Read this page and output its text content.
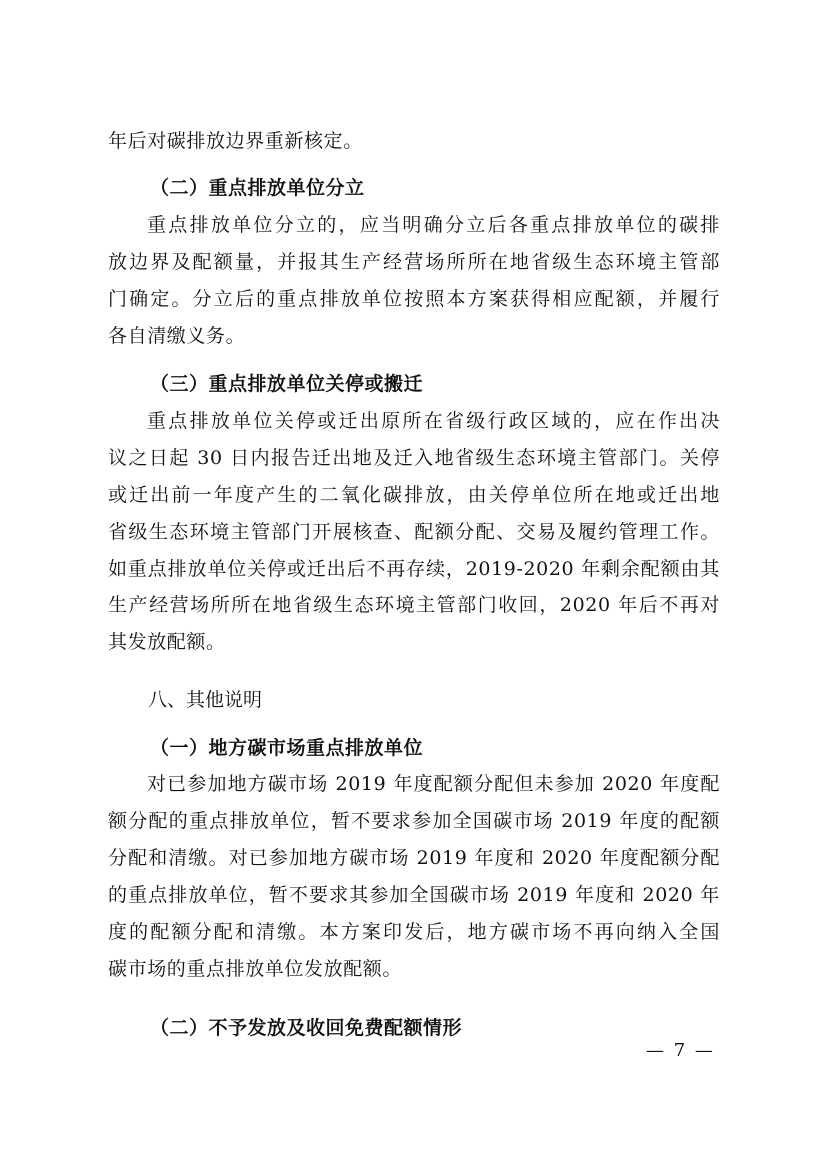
年后对碳排放边界重新核定。
（二）重点排放单位分立
重点排放单位分立的，应当明确分立后各重点排放单位的碳排
放边界及配额量，并报其生产经营场所所在地省级生态环境主管部
门确定。分立后的重点排放单位按照本方案获得相应配额，并履行
各自清缴义务。
（三）重点排放单位关停或搬迁
重点排放单位关停或迁出原所在省级行政区域的，应在作出决
议之日起 30 日内报告迁出地及迁入地省级生态环境主管部门。关停
或迁出前一年度产生的二氧化碳排放，由关停单位所在地或迁出地
省级生态环境主管部门开展核查、配额分配、交易及履约管理工作。
如重点排放单位关停或迁出后不再存续，2019-2020 年剩余配额由其
生产经营场所所在地省级生态环境主管部门收回，2020 年后不再对
其发放配额。
八、其他说明
（一）地方碳市场重点排放单位
对已参加地方碳市场 2019 年度配额分配但未参加 2020 年度配
额分配的重点排放单位，暂不要求参加全国碳市场 2019 年度的配额
分配和清缴。对已参加地方碳市场 2019 年度和 2020 年度配额分配
的重点排放单位，暂不要求其参加全国碳市场 2019 年度和 2020 年
度的配额分配和清缴。本方案印发后，地方碳市场不再向纳入全国
碳市场的重点排放单位发放配额。
（二）不予发放及收回免费配额情形
— 7 —
